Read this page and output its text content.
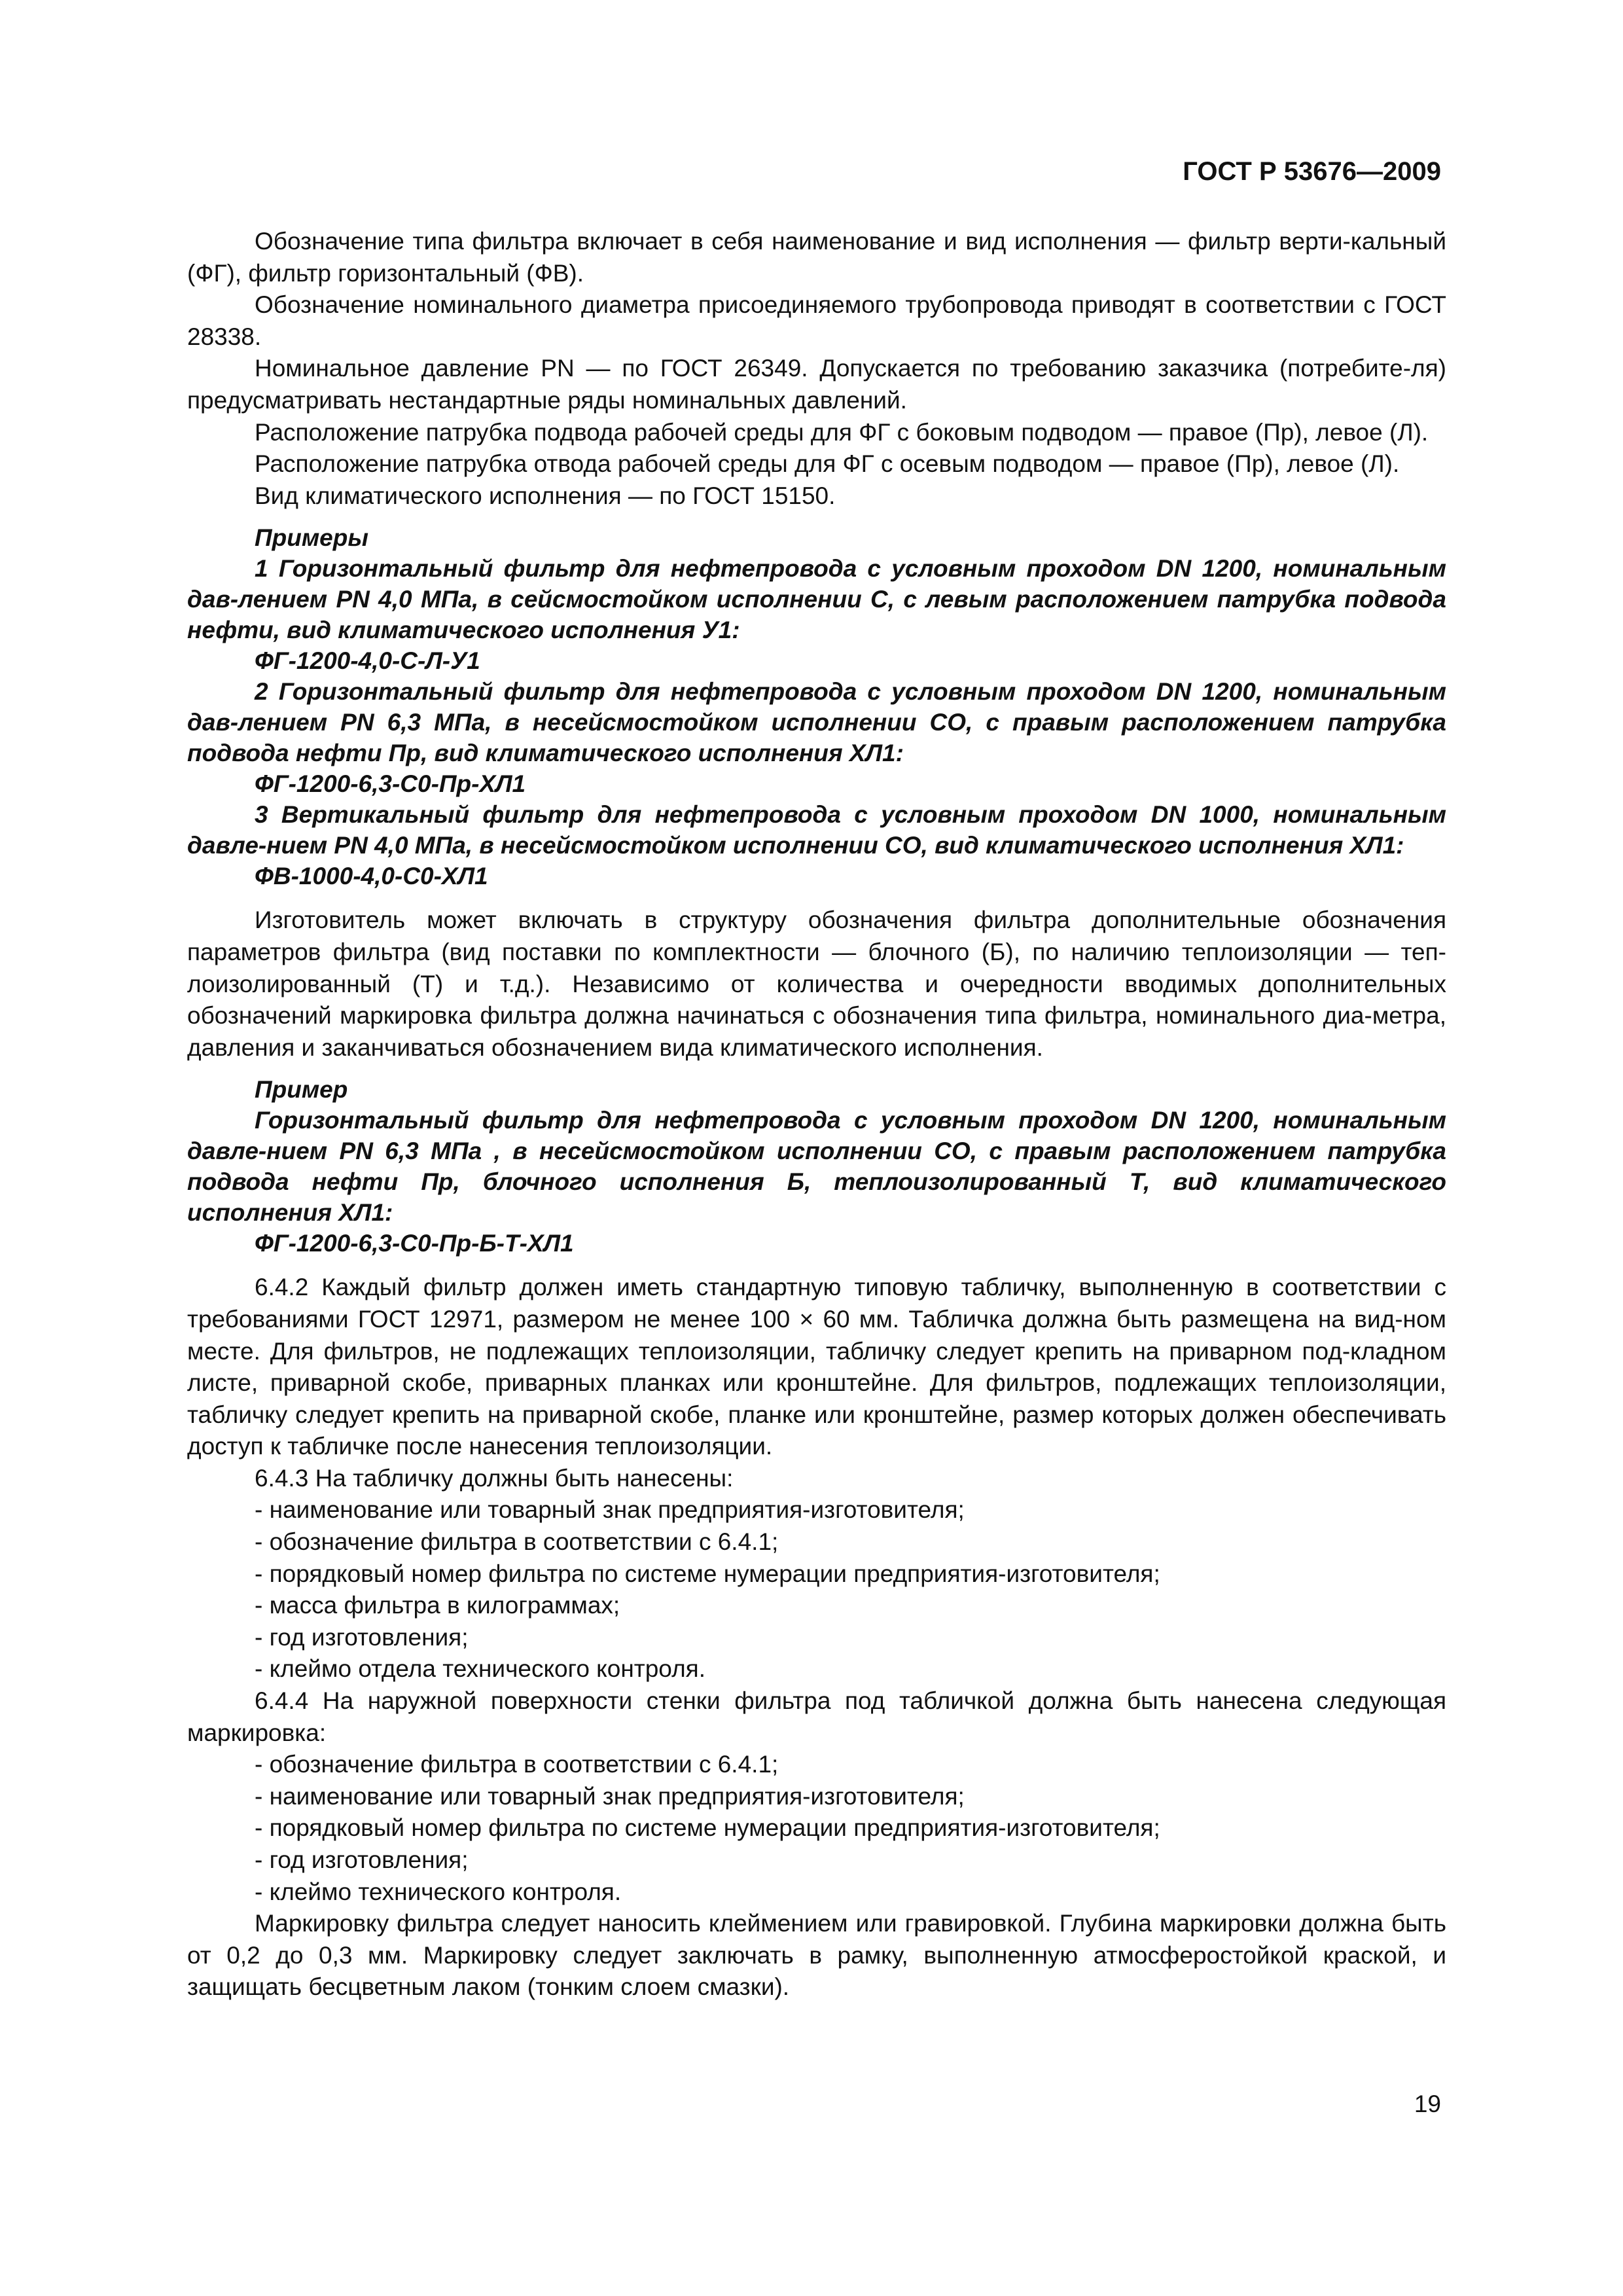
ГОСТ Р 53676—2009

Обозначение типа фильтра включает в себя наименование и вид исполнения — фильтр верти-кальный (ФГ), фильтр горизонтальный (ФВ).

Обозначение номинального диаметра присоединяемого трубопровода приводят в соответствии с ГОСТ 28338.

Номинальное давление PN — по ГОСТ 26349. Допускается по требованию заказчика (потребите-ля) предусматривать нестандартные ряды номинальных давлений.

Расположение патрубка подвода рабочей среды для ФГ с боковым подводом — правое (Пр), левое (Л).

Расположение патрубка отвода рабочей среды для ФГ с осевым подводом — правое (Пр), левое (Л).

Вид климатического исполнения — по ГОСТ 15150.

Примеры

1 Горизонтальный фильтр для нефтепровода с условным проходом DN 1200, номинальным дав-лением PN 4,0 МПа, в сейсмостойком исполнении С, с левым расположением патрубка подвода нефти, вид климатического исполнения У1:

ФГ-1200-4,0-С-Л-У1

2 Горизонтальный фильтр для нефтепровода с условным проходом DN 1200, номинальным дав-лением PN 6,3 МПа, в несейсмостойком исполнении СО, с правым расположением патрубка подвода нефти Пр, вид климатического исполнения ХЛ1:

ФГ-1200-6,3-С0-Пр-ХЛ1

3 Вертикальный фильтр для нефтепровода с условным проходом DN 1000, номинальным давле-нием PN 4,0 МПа, в несейсмостойком исполнении СО, вид климатического исполнения ХЛ1:

ФВ-1000-4,0-С0-ХЛ1

Изготовитель может включать в структуру обозначения фильтра дополнительные обозначения параметров фильтра (вид поставки по комплектности — блочного (Б), по наличию теплоизоляции — теп-лоизолированный (Т) и т.д.). Независимо от количества и очередности вводимых дополнительных обозначений маркировка фильтра должна начинаться с обозначения типа фильтра, номинального диа-метра, давления и заканчиваться обозначением вида климатического исполнения.

Пример

Горизонтальный фильтр для нефтепровода с условным проходом DN 1200, номинальным давле-нием PN 6,3 МПа , в несейсмостойком исполнении СО, с правым расположением патрубка подвода нефти Пр, блочного исполнения Б, теплоизолированный Т, вид климатического исполнения ХЛ1:

ФГ-1200-6,3-С0-Пр-Б-Т-ХЛ1

6.4.2 Каждый фильтр должен иметь стандартную типовую табличку, выполненную в соответствии с требованиями ГОСТ 12971, размером не менее 100 × 60 мм. Табличка должна быть размещена на вид-ном месте. Для фильтров, не подлежащих теплоизоляции, табличку следует крепить на приварном под-кладном листе, приварной скобе, приварных планках или кронштейне. Для фильтров, подлежащих теплоизоляции, табличку следует крепить на приварной скобе, планке или кронштейне, размер которых должен обеспечивать доступ к табличке после нанесения теплоизоляции.

6.4.3 На табличку должны быть нанесены:

- наименование или товарный знак предприятия-изготовителя;

- обозначение фильтра в соответствии с 6.4.1;

- порядковый номер фильтра по системе нумерации предприятия-изготовителя;

- масса фильтра в килограммах;

- год изготовления;

- клеймо отдела технического контроля.

6.4.4 На наружной поверхности стенки фильтра под табличкой должна быть нанесена следующая маркировка:

- обозначение фильтра в соответствии с 6.4.1;

- наименование или товарный знак предприятия-изготовителя;

- порядковый номер фильтра по системе нумерации предприятия-изготовителя;

- год изготовления;

- клеймо технического контроля.

Маркировку фильтра следует наносить клеймением или гравировкой. Глубина маркировки должна быть от 0,2 до 0,3 мм. Маркировку следует заключать в рамку, выполненную атмосферостойкой краской, и защищать бесцветным лаком (тонким слоем смазки).

19
